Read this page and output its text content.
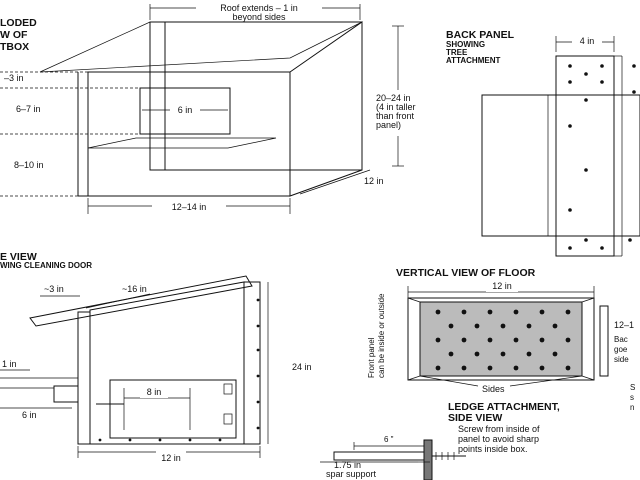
LODED
W OF
TBOX
Roof extends – 1 in
beyond sides
6 in
–3 in
6–7 in
8–10 in
20–24 in
(4 in taller
than front
panel)
12 in
12–14 in
BACK PANEL
SHOWING
TREE
ATTACHMENT
4 in
E VIEW
WING CLEANING DOOR
~3 in	~16 in
1 in
6 in
8 in
24 in
12 in
VERTICAL VIEW OF FLOOR
12 in
Front panel can be inside or outside
Sides
12–1
Bac
goe
side
S
s
n
LEDGE ATTACHMENT,
SIDE VIEW
Screw from inside of
panel to avoid sharp
points inside box.
6 "
1.75 in
spar support
